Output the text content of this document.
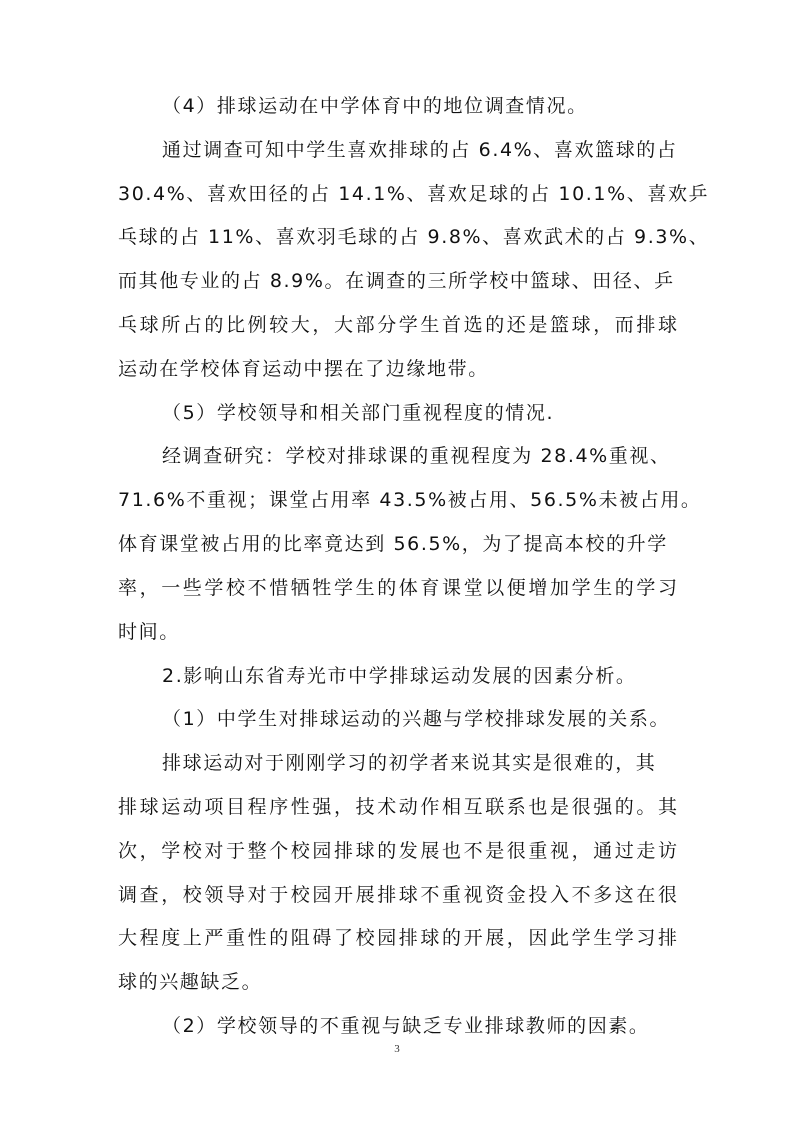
（4）排球运动在中学体育中的地位调查情况。
通过调查可知中学生喜欢排球的占 6.4%、喜欢篮球的占
30.4%、喜欢田径的占 14.1%、喜欢足球的占 10.1%、喜欢乒
乓球的占 11%、喜欢羽毛球的占 9.8%、喜欢武术的占 9.3%、
而其他专业的占 8.9%。在调查的三所学校中篮球、田径、乒
乓球所占的比例较大，大部分学生首选的还是篮球，而排球
运动在学校体育运动中摆在了边缘地带。
（5）学校领导和相关部门重视程度的情况.
经调查研究：学校对排球课的重视程度为 28.4%重视、
71.6%不重视；课堂占用率 43.5%被占用、56.5%未被占用。
体育课堂被占用的比率竟达到 56.5%，为了提高本校的升学
率，一些学校不惜牺牲学生的体育课堂以便增加学生的学习
时间。
2.影响山东省寿光市中学排球运动发展的因素分析。
（1）中学生对排球运动的兴趣与学校排球发展的关系。
排球运动对于刚刚学习的初学者来说其实是很难的，其
排球运动项目程序性强，技术动作相互联系也是很强的。其
次，学校对于整个校园排球的发展也不是很重视，通过走访
调查，校领导对于校园开展排球不重视资金投入不多这在很
大程度上严重性的阻碍了校园排球的开展，因此学生学习排
球的兴趣缺乏。
（2）学校领导的不重视与缺乏专业排球教师的因素。
3
